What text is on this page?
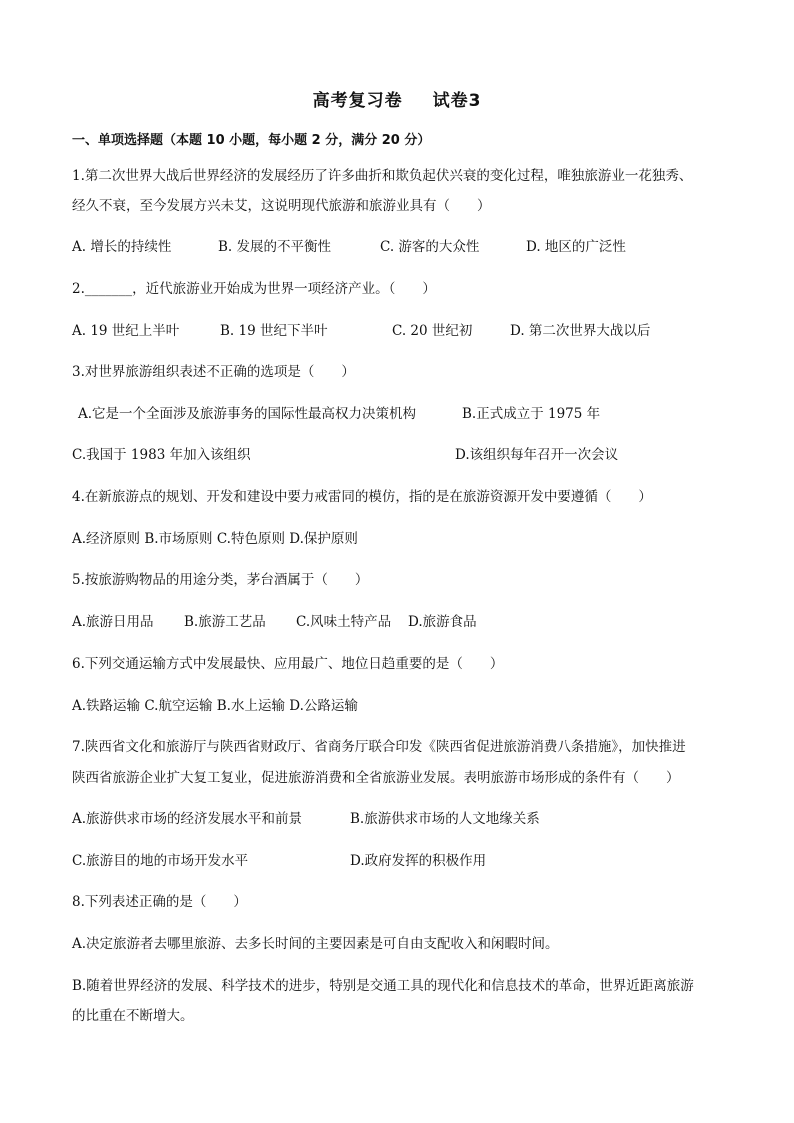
高考复习卷 试卷3
一、单项选择题（本题 10 小题，每小题 2 分，满分 20 分）
1.第二次世界大战后世界经济的发展经历了许多曲折和欺负起伏兴衰的变化过程，唯独旅游业一花独秀、
经久不衰，至今发展方兴未艾，这说明现代旅游和旅游业具有（　　）
A. 增长的持续性	B. 发展的不平衡性	C. 游客的大众性	D. 地区的广泛性
2._______，近代旅游业开始成为世界一项经济产业。（　　）
A. 19 世纪上半叶	B. 19 世纪下半叶	C. 20 世纪初	D. 第二次世界大战以后
3.对世界旅游组织表述不正确的选项是（　　）
A.它是一个全面涉及旅游事务的国际性最高权力决策机构	B.正式成立于 1975 年
C.我国于 1983 年加入该组织	D.该组织每年召开一次会议
4.在新旅游点的规划、开发和建设中要力戒雷同的模仿，指的是在旅游资源开发中要遵循（　　）
A.经济原则 B.市场原则 C.特色原则 D.保护原则
5.按旅游购物品的用途分类，茅台酒属于（　　）
A.旅游日用品 B.旅游工艺品 C.风味土特产品 D.旅游食品
6.下列交通运输方式中发展最快、应用最广、地位日趋重要的是（　　）
A.铁路运输 C.航空运输 B.水上运输 D.公路运输
7.陕西省文化和旅游厅与陕西省财政厅、省商务厅联合印发《陕西省促进旅游消费八条措施》，加快推进
陕西省旅游企业扩大复工复业，促进旅游消费和全省旅游业发展。表明旅游市场形成的条件有（　　）
A.旅游供求市场的经济发展水平和前景	B.旅游供求市场的人文地缘关系
C.旅游目的地的市场开发水平	D.政府发挥的积极作用
8.下列表述正确的是（　　）
A.决定旅游者去哪里旅游、去多长时间的主要因素是可自由支配收入和闲暇时间。
B.随着世界经济的发展、科学技术的进步，特别是交通工具的现代化和信息技术的革命，世界近距离旅游
的比重在不断增大。
